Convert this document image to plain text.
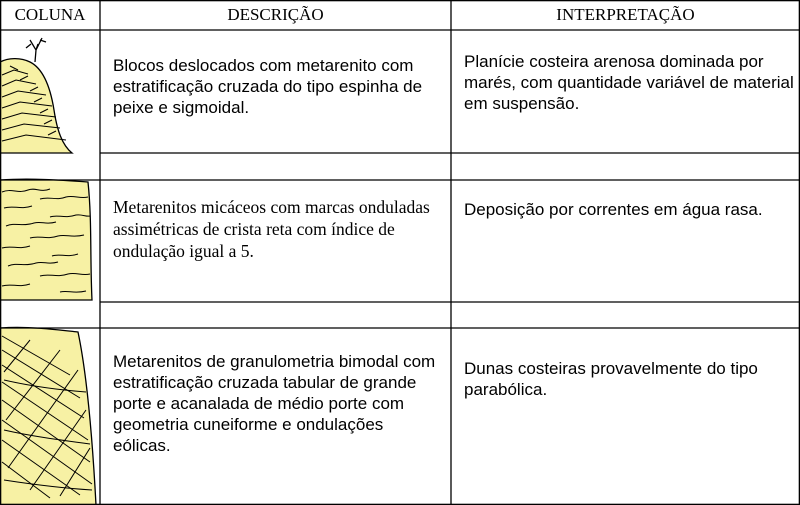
COLUNA	DESCRIÇÃO	INTERPRETAÇÃO
Blocos deslocados com metarenito com estratificação cruzada do tipo espinha de peixe e sigmoidal.
Planície costeira arenosa dominada por marés, com quantidade variável de material em suspensão.
Metarenitos micáceos com marcas onduladas assimétricas de crista reta com índice de ondulação igual a 5.
Deposição por correntes em água rasa.
Metarenitos de granulometria bimodal com estratificação cruzada tabular de grande porte e acanalada de médio porte com geometria cuneiforme e ondulações eólicas.
Dunas costeiras provavelmente do tipo parabólica.
